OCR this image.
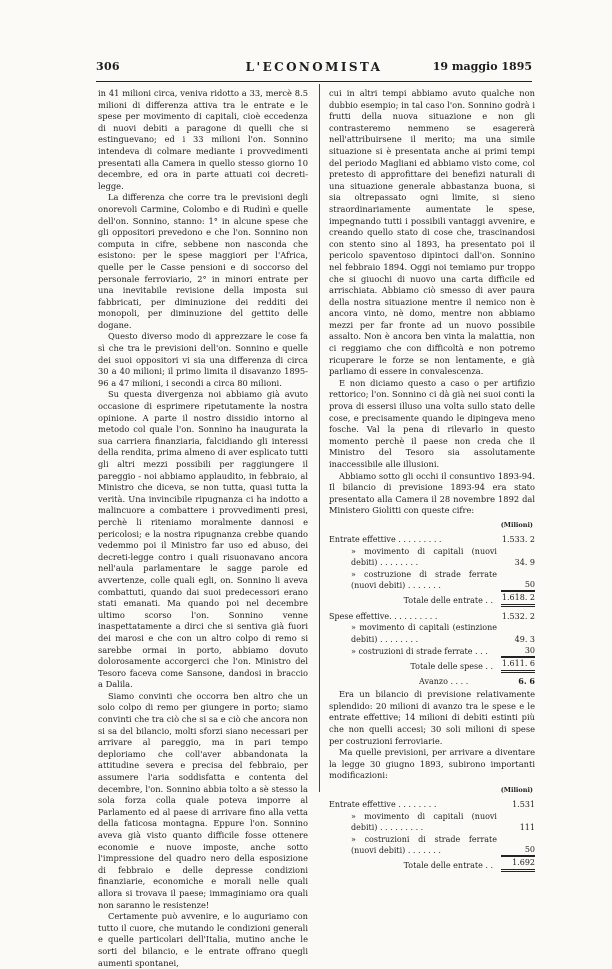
306	L'ECONOMISTA	19 maggio 1895

in 41 milioni circa, veniva ridotto a 33, mercè 8.5 milioni di differenza attiva tra le entrate e le spese per movimento di capitali, cioè eccedenza di nuovi debiti a paragone di quelli che si estinguevano; ed i 33 milioni l'on. Sonnino intendeva di colmare mediante i provvedimenti presentati alla Camera in quello stesso giorno 10 decembre, ed ora in parte attuati coi decreti-legge.

La differenza che corre tra le previsioni degli onorevoli Carmine, Colombo e di Rudinì e quelle dell'on. Sonnino, stanno: 1° in alcune spese che gli oppositori prevedono e che l'on. Sonnino non computa in cifre, sebbene non nasconda che esistono: per le spese maggiori per l'Africa, quelle per le Casse pensioni e di soccorso del personale ferroviario, 2° in minori entrate per una inevitabile revisione della imposta sui fabbricati, per diminuzione dei redditi dei monopoli, per diminuzione del gettito delle dogane.

Questo diverso modo di apprezzare le cose fa sì che tra le previsioni dell'on. Sonnino e quelle dei suoi oppositori vi sia una differenza di circa 30 a 40 milioni; il primo limita il disavanzo 1895-96 a 47 milioni, i secondi a circa 80 milioni.

Su questa divergenza noi abbiamo già avuto occasione di esprimere ripetutamente la nostra opinione. A parte il nostro dissidio intorno al metodo col quale l'on. Sonnino ha inaugurata la sua carriera finanziaria, falcidiando gli interessi della rendita, prima almeno di aver esplicato tutti gli altri mezzi possibili per raggiungere il pareggio - noi abbiamo applaudito, in febbraio, al Ministro che diceva, se non tutta, quasi tutta la verità. Una invincibile ripugnanza ci ha indotto a malincuore a combattere i provvedimenti presi, perchè li riteniamo moralmente dannosi e pericolosi; e la nostra ripugnanza crebbe quando vedemmo poi il Ministro far uso ed abuso, dei decreti-legge contro i quali risuonavano ancora nell'aula parlamentare le sagge parole ed avvertenze, colle quali egli, on. Sonnino li aveva combattuti, quando dai suoi predecessori erano stati emanati. Ma quando poi nel decembre ultimo scorso l'on. Sonnino venne inaspettatamente a dirci che si sentiva già fuori dei marosi e che con un altro colpo di remo si sarebbe ormai in porto, abbiamo dovuto dolorosamente accorgerci che l'on. Ministro del Tesoro faceva come Sansone, dandosi in braccio a Dalila.

Siamo convinti che occorra ben altro che un solo colpo di remo per giungere in porto; siamo convinti che tra ciò che si sa e ciò che ancora non si sa del bilancio, molti sforzi siano necessari per arrivare al pareggio, ma in pari tempo deploriamo che coll'aver abbandonata la attitudine severa e precisa del febbraio, per assumere l'aria soddisfatta e contenta del decembre, l'on. Sonnino abbia tolto a sè stesso la sola forza colla quale poteva imporre al Parlamento ed al paese di arrivare fino alla vetta della faticosa montagna. Eppure l'on. Sonnino aveva già visto quanto difficile fosse ottenere economie e nuove imposte, anche sotto l'impressione del quadro nero della esposizione di febbraio e delle depresse condizioni finanziarie, economiche e morali nelle quali allora si trovava il paese; immaginiamo ora quali non saranno le resistenze!

Certamente può avvenire, e lo auguriamo con tutto il cuore, che mutando le condizioni generali e quelle particolari dell'Italia, mutino anche le sorti del bilancio, e le entrate offrano quegli aumenti spontanei,

cui in altri tempi abbiamo avuto qualche non dubbio esempio; in tal caso l'on. Sonnino godrà i frutti della nuova situazione e non gli contrasteremo nemmeno se esagererà nell'attribuirsene il merito; ma una simile situazione si è presentata anche ai primi tempi del periodo Magliani ed abbiamo visto come, col pretesto di approfittare dei benefizi naturali di una situazione generale abbastanza buona, si sia oltrepassato ogni limite, si sieno straordinariamente aumentate le spese, impegnando tutti i possibili vantaggi avvenire, e creando quello stato di cose che, trascinandosi con stento sino al 1893, ha presentato poi il pericolo spaventoso dipintoci dall'on. Sonnino nel febbraio 1894. Oggi noi temiamo pur troppo che si giuochi di nuovo una carta difficile ed arrischiata. Abbiamo ciò smesso di aver paura della nostra situazione mentre il nemico non è ancora vinto, nè domo, mentre non abbiamo mezzi per far fronte ad un nuovo possibile assalto. Non è ancora ben vinta la malattia, non ci reggiamo che con difficoltà e non potremo ricuperare le forze se non lentamente, e già parliamo di essere in convalescenza.

E non diciamo questo a caso o per artifizio rettorico; l'on. Sonnino ci dà già nei suoi conti la prova di essersi illuso una volta sullo stato delle cose, e precisamente quando le dipingeva meno fosche. Val la pena di rilevarlo in questo momento perchè il paese non creda che il Ministro del Tesoro sia assolutamente inaccessibile alle illusioni.

Abbiamo sotto gli occhi il consuntivo 1893-94. Il bilancio di previsione 1893-94 era stato presentato alla Camera il 28 novembre 1892 dal Ministero Giolitti con queste cifre:

(Milioni)
Entrate effettive . . . . . . . . .	1.533. 2
» movimento di capitali (nuovi debiti) . . . . . . . .	34. 9
» costruzione di strade ferrate (nuovi debiti) . . . . . . .	50
Totale delle entrate . .	1.618. 2
Spese effettive. . . . . . . . . .	1.532. 2
» movimento di capitali (estinzione debiti) . . . . . . . .	49. 3
» costruzioni di strade ferrate . . .	30
Totale delle spese . .	1.611. 6
Avanzo . . . .	6. 6

Era un bilancio di previsione relativamente splendido: 20 milioni di avanzo tra le spese e le entrate effettive; 14 milioni di debiti estinti più che non quelli accesi; 30 soli milioni di spese per costruzioni ferroviarie.

Ma quelle previsioni, per arrivare a diventare la legge 30 giugno 1893, subirono importanti modificazioni:

(Milioni)
Entrate effettive . . . . . . . .	1.531
» movimento di capitali (nuovi debiti) . . . . . . . . .	111
» costruzioni di strade ferrate (nuovi debiti) . . . . . . .	50
Totale delle entrate . .	1.692
